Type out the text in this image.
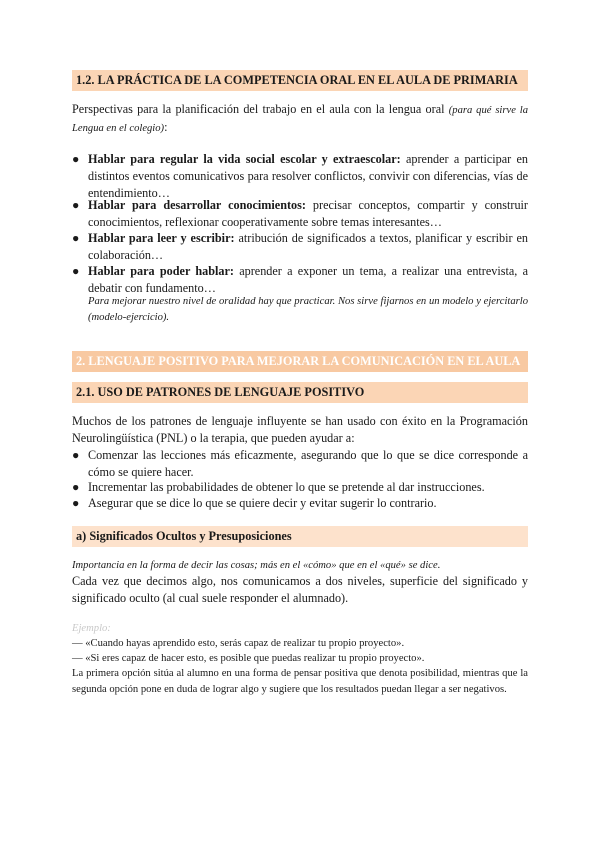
1.2. LA PRÁCTICA DE LA COMPETENCIA ORAL EN EL AULA DE PRIMARIA
Perspectivas para la planificación del trabajo en el aula con la lengua oral (para qué sirve la Lengua en el colegio):
● Hablar para regular la vida social escolar y extraescolar: aprender a participar en distintos eventos comunicativos para resolver conflictos, convivir con diferencias, vías de entendimiento…
● Hablar para desarrollar conocimientos: precisar conceptos, compartir y construir conocimientos, reflexionar cooperativamente sobre temas interesantes…
● Hablar para leer y escribir: atribución de significados a textos, planificar y escribir en colaboración…
● Hablar para poder hablar: aprender a exponer un tema, a realizar una entrevista, a debatir con fundamento…
Para mejorar nuestro nivel de oralidad hay que practicar. Nos sirve fijarnos en un modelo y ejercitarlo (modelo-ejercicio).
2. LENGUAJE POSITIVO PARA MEJORAR LA COMUNICACIÓN EN EL AULA
2.1. USO DE PATRONES DE LENGUAJE POSITIVO
Muchos de los patrones de lenguaje influyente se han usado con éxito en la Programación Neurolingüística (PNL) o la terapia, que pueden ayudar a:
● Comenzar las lecciones más eficazmente, asegurando que lo que se dice corresponde a cómo se quiere hacer.
● Incrementar las probabilidades de obtener lo que se pretende al dar instrucciones.
● Asegurar que se dice lo que se quiere decir y evitar sugerir lo contrario.
a) Significados Ocultos y Presuposiciones
Importancia en la forma de decir las cosas; más en el «cómo» que en el «qué» se dice.
Cada vez que decimos algo, nos comunicamos a dos niveles, superficie del significado y significado oculto (al cual suele responder el alumnado).
Ejemplo:
— «Cuando hayas aprendido esto, serás capaz de realizar tu propio proyecto».
— «Si eres capaz de hacer esto, es posible que puedas realizar tu propio proyecto».
La primera opción sitúa al alumno en una forma de pensar positiva que denota posibilidad, mientras que la segunda opción pone en duda de lograr algo y sugiere que los resultados puedan llegar a ser negativos.
